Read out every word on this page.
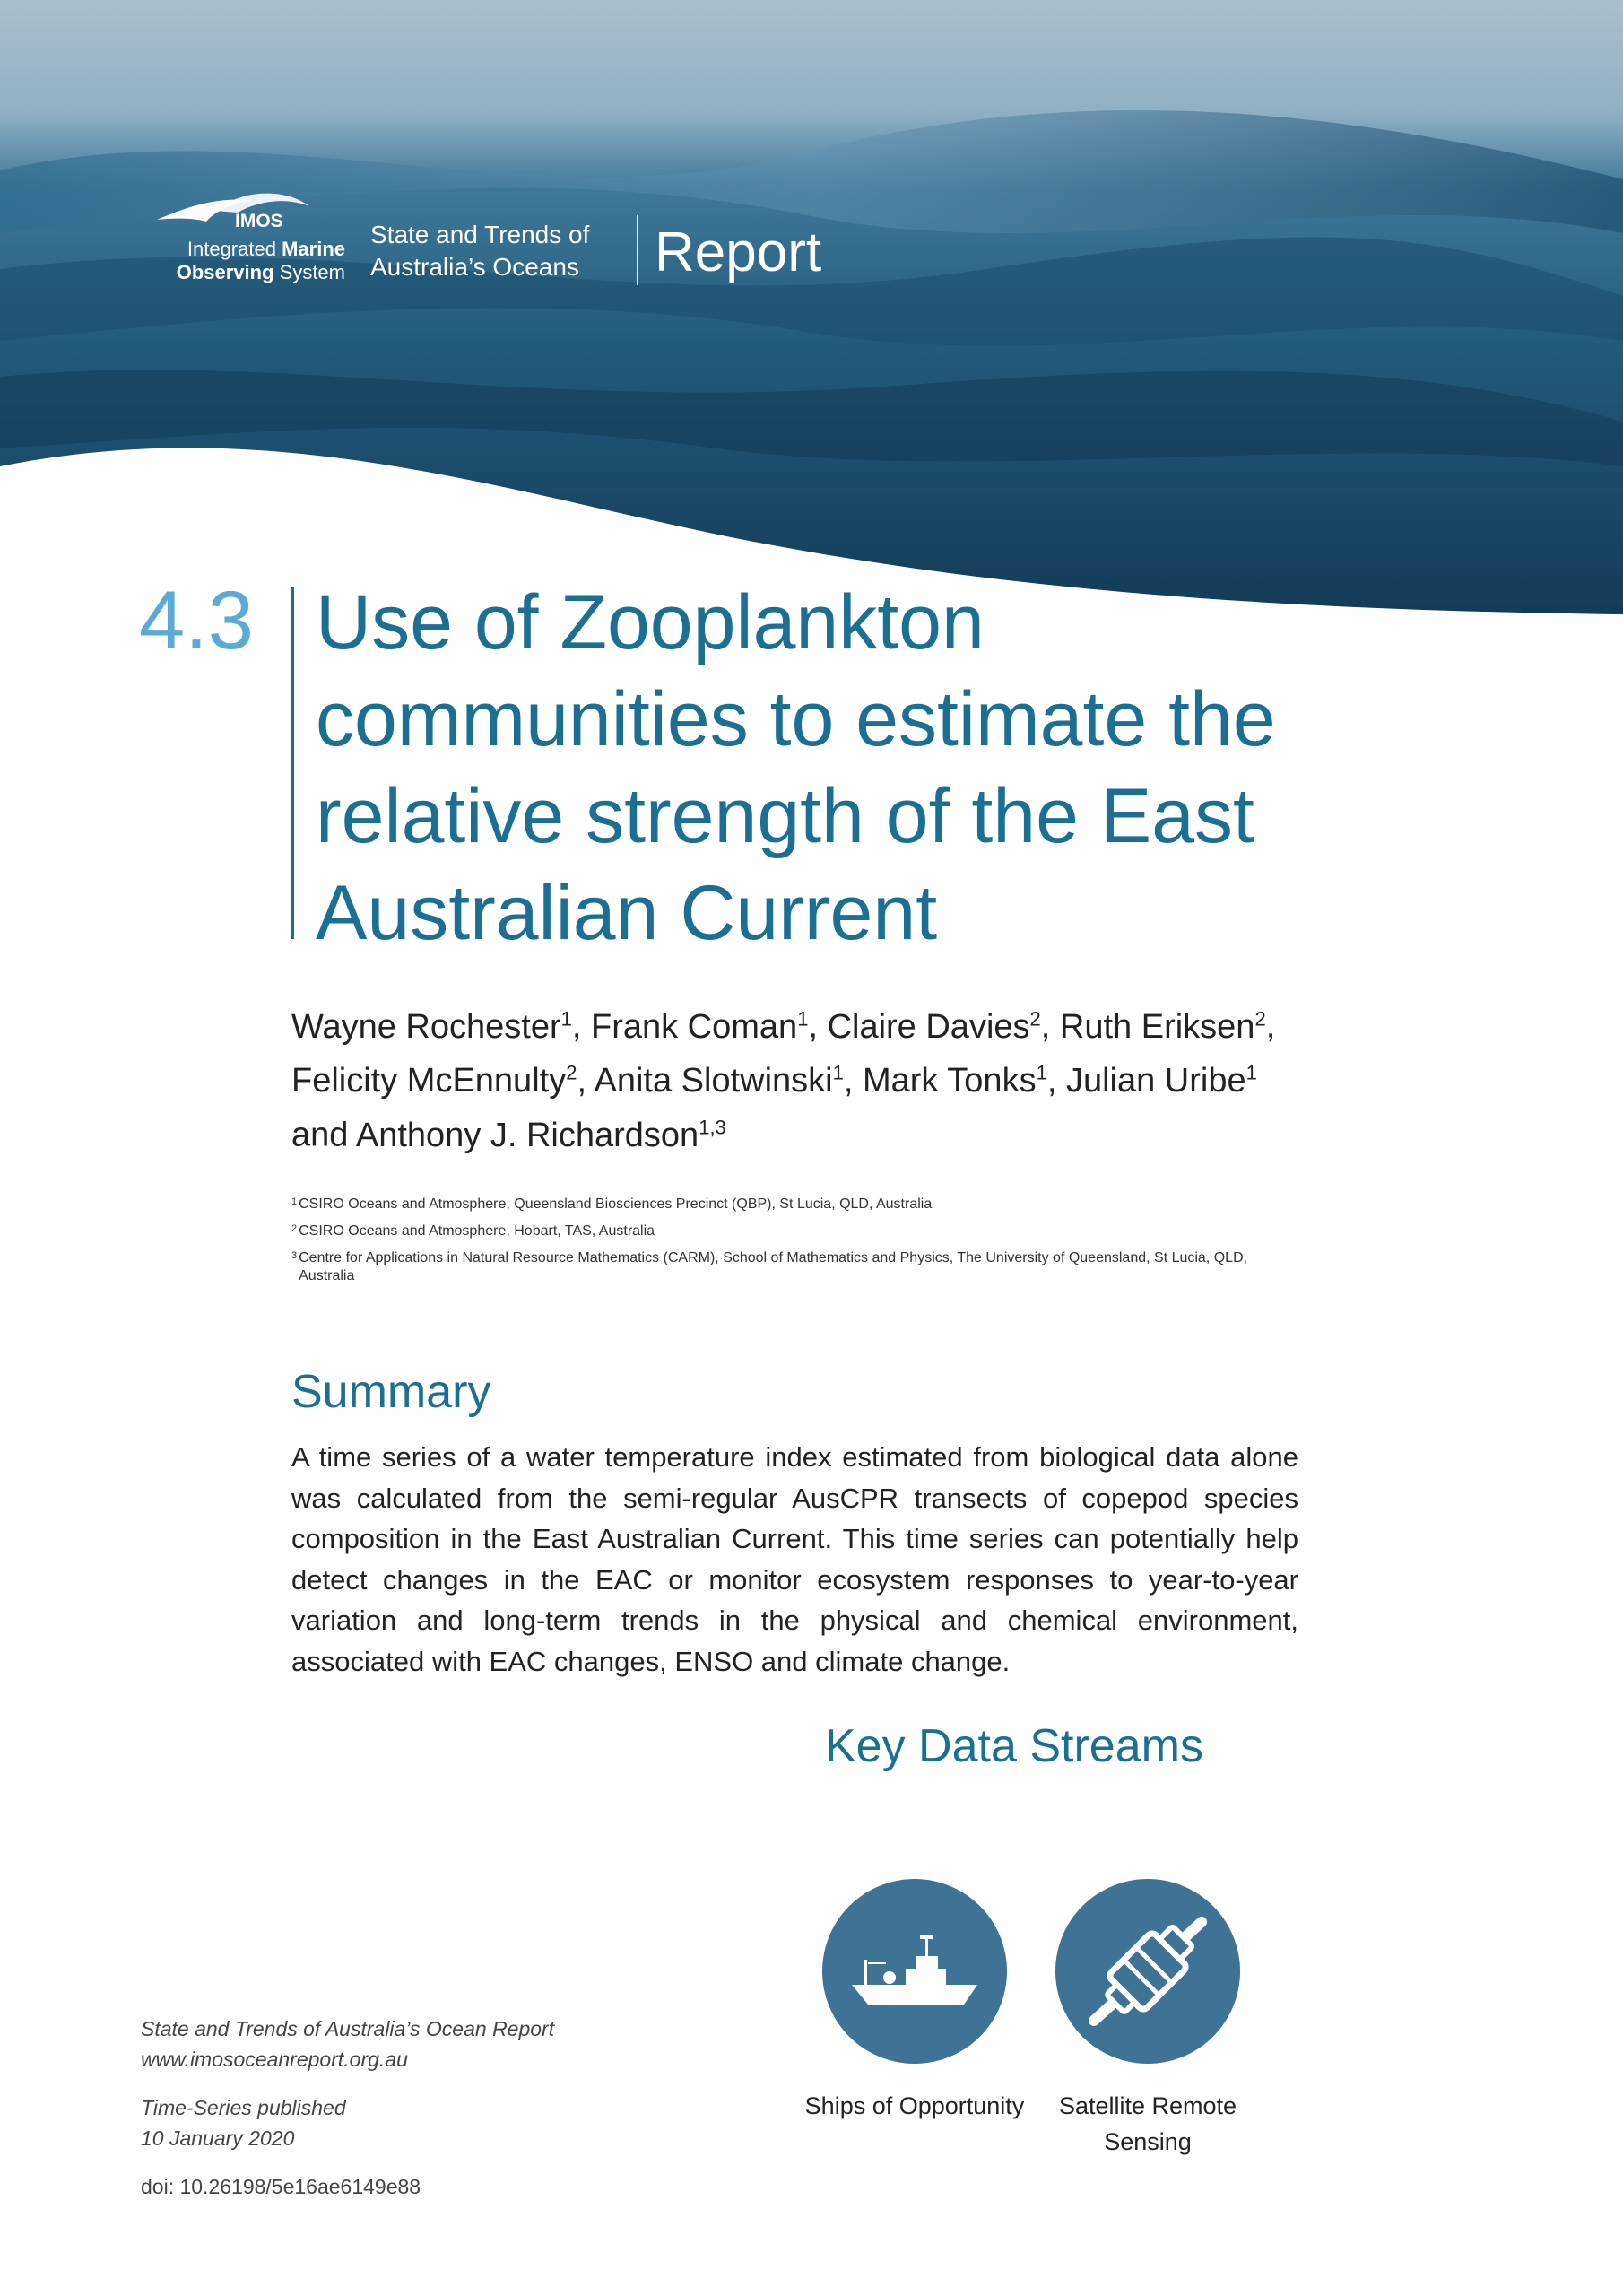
IMOS
Integrated Marine
Observing System
State and Trends of
Australia’s Oceans Report
4.3 Use of Zooplankton communities to estimate the relative strength of the East Australian Current
Wayne Rochester$^1$, Frank Coman$^1$, Claire Davies$^2$, Ruth Eriksen$^2$,
Felicity McEnnulty$^2$, Anita Slotwinski$^1$, Mark Tonks$^1$, Julian Uribe$^1$
and Anthony J. Richardson$^{1,3}$
1 CSIRO Oceans and Atmosphere, Queensland Biosciences Precinct (QBP), St Lucia, QLD, Australia
2 CSIRO Oceans and Atmosphere, Hobart, TAS, Australia
3 Centre for Applications in Natural Resource Mathematics (CARM), School of Mathematics and Physics, The University of Queensland, St Lucia, QLD, Australia
Summary

A time series of a water temperature index estimated from biological data alone was calculated from the semi-regular AusCPR transects of copepod species composition in the East Australian Current. This time series can potentially help detect changes in the EAC or monitor ecosystem responses to year-to-year variation and long-term trends in the physical and chemical environment, associated with EAC changes, ENSO and climate change.

Key Data Streams
Ships of Opportunity	Satellite Remote Sensing
State and Trends of Australia’s Ocean Report
www.imosoceanreport.org.au
Time-Series published
10 January 2020
doi: 10.26198/5e16ae6149e88
